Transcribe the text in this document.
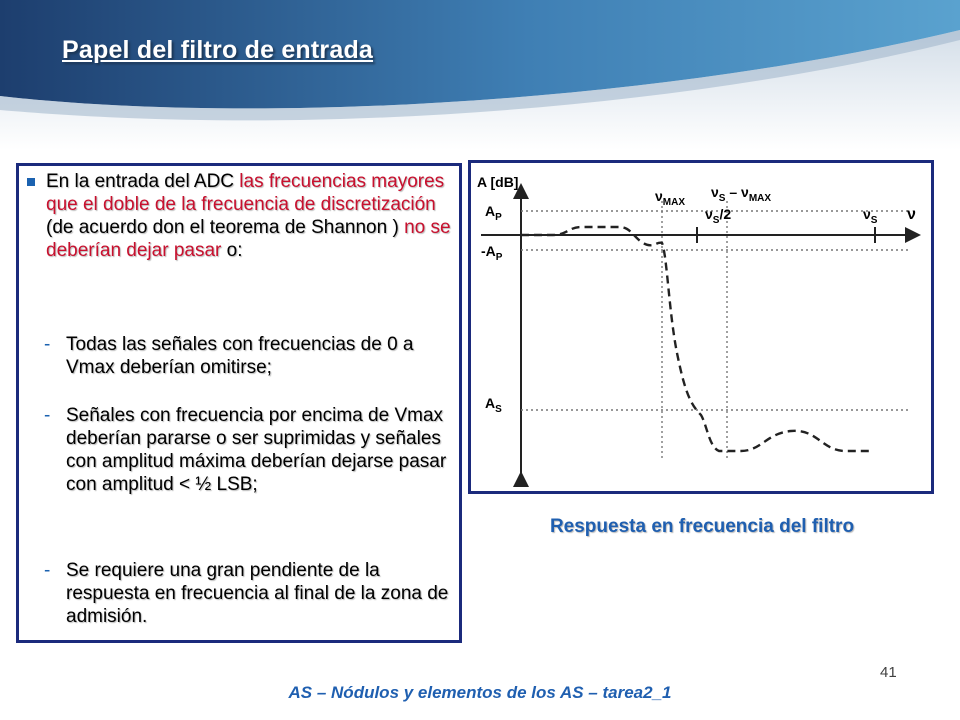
Papel del filtro de entrada
En la entrada del ADC las frecuencias mayores que el doble de la frecuencia de discretización (de acuerdo don el teorema de Shannon ) no se deberían dejar pasar o:
- Todas las señales con frecuencias de 0 a Vmax deberían omitirse;
- Señales con frecuencia por encima de Vmax deberían pararse o ser suprimidas y señales con amplitud máxima deberían dejarse pasar con amplitud < ½ LSB;
- Se requiere una gran pendiente de la respuesta en frecuencia al final de la zona de admisión.
A [dB]
ν
$A_P$
$-A_P$
$A_S$
$\nu_{MAX}$
$\nu_S - \nu_{MAX}$
$\nu_S/2$	$\nu_S$

Respuesta en frecuencia del filtro

41
AS – Nódulos y elementos de los AS – tarea2_1
